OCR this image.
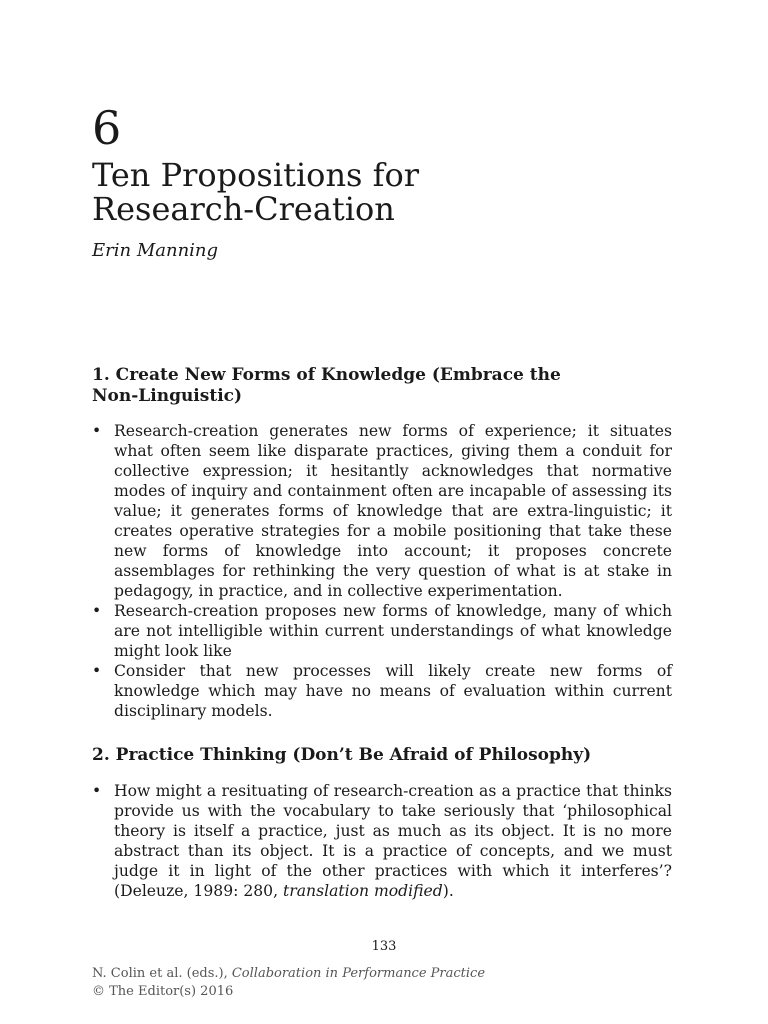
6
Ten Propositions for
Research-Creation

Erin Manning

1. Create New Forms of Knowledge (Embrace the
Non-Linguistic)
• Research-creation generates new forms of experience; it situates what often seem like disparate practices, giving them a conduit for collective expression; it hesitantly acknowledges that normative modes of inquiry and containment often are incapable of assessing its value; it generates forms of knowledge that are extra-linguistic; it creates operative strategies for a mobile positioning that take these new forms of knowledge into account; it proposes concrete assemblages for rethinking the very question of what is at stake in pedagogy, in practice, and in collective experimentation.
• Research-creation proposes new forms of knowledge, many of which are not intelligible within current understandings of what knowledge might look like
• Consider that new processes will likely create new forms of knowledge which may have no means of evaluation within current disciplinary models.
2. Practice Thinking (Don’t Be Afraid of Philosophy)
• How might a resituating of research-creation as a practice that thinks provide us with the vocabulary to take seriously that ‘philosophical theory is itself a practice, just as much as its object. It is no more abstract than its object. It is a practice of concepts, and we must judge it in light of the other practices with which it interferes’? (Deleuze, 1989: 280, translation modified).
133
N. Colin et al. (eds.), Collaboration in Performance Practice
© The Editor(s) 2016
